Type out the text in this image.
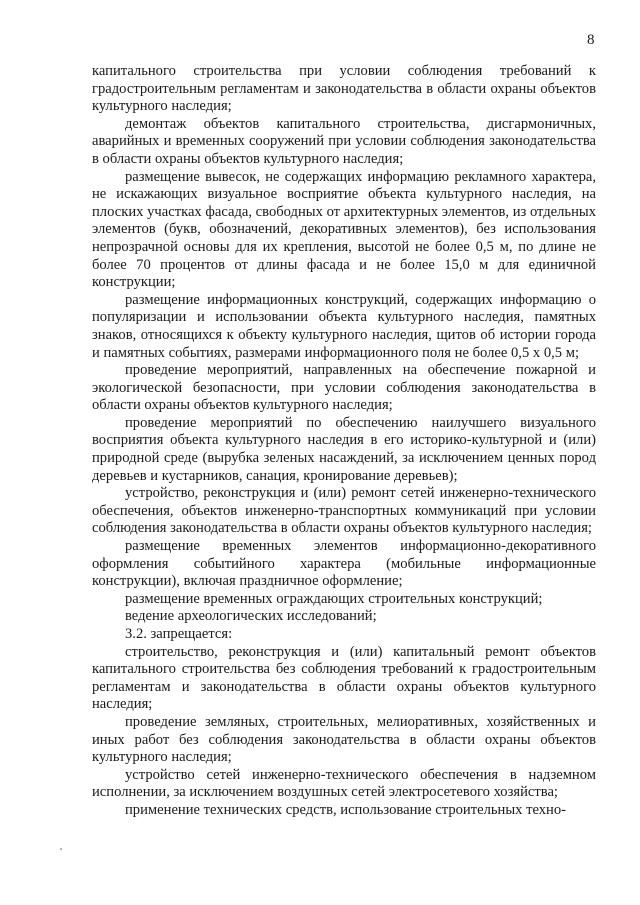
8

капитального строительства при условии соблюдения требований к градостроительным регламентам и законодательства в области охраны объектов культурного наследия;

демонтаж объектов капитального строительства, дисгармоничных, аварийных и временных сооружений при условии соблюдения законодательства в области охраны объектов культурного наследия;

размещение вывесок, не содержащих информацию рекламного характера, не искажающих визуальное восприятие объекта культурного наследия, на плоских участках фасада, свободных от архитектурных элементов, из отдельных элементов (букв, обозначений, декоративных элементов), без использования непрозрачной основы для их крепления, высотой не более 0,5 м, по длине не более 70 процентов от длины фасада и не более 15,0 м для единичной конструкции;

размещение информационных конструкций, содержащих информацию о популяризации и использовании объекта культурного наследия, памятных знаков, относящихся к объекту культурного наследия, щитов об истории города и памятных событиях, размерами информационного поля не более 0,5 х 0,5 м;

проведение мероприятий, направленных на обеспечение пожарной и экологической безопасности, при условии соблюдения законодательства в области охраны объектов культурного наследия;

проведение мероприятий по обеспечению наилучшего визуального восприятия объекта культурного наследия в его историко-культурной и (или) природной среде (вырубка зеленых насаждений, за исключением ценных пород деревьев и кустарников, санация, кронирование деревьев);

устройство, реконструкция и (или) ремонт сетей инженерно-технического обеспечения, объектов инженерно-транспортных коммуникаций при условии соблюдения законодательства в области охраны объектов культурного наследия;

размещение временных элементов информационно-декоративного оформления событийного характера (мобильные информационные конструкции), включая праздничное оформление;

размещение временных ограждающих строительных конструкций;

ведение археологических исследований;

3.2. запрещается:

строительство, реконструкция и (или) капитальный ремонт объектов капитального строительства без соблюдения требований к градостроительным регламентам и законодательства в области охраны объектов культурного наследия;

проведение земляных, строительных, мелиоративных, хозяйственных и иных работ без соблюдения законодательства в области охраны объектов культурного наследия;

устройство сетей инженерно-технического обеспечения в надземном исполнении, за исключением воздушных сетей электросетевого хозяйства;

применение технических средств, использование строительных техно-
